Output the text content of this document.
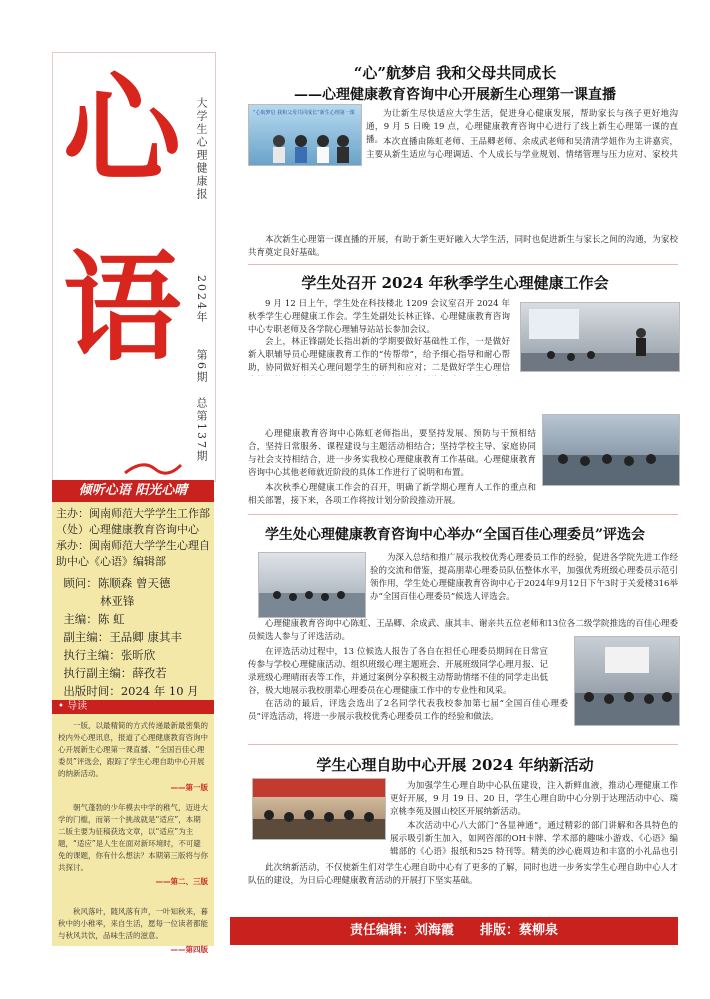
心
语
大学生心理健康报
2024年
第6期
总第137期
倾听心语 阳光心晴

主办：闽南师范大学学生工作部（处）心理健康教育咨询中心

承办：闽南师范大学学生心理自助中心《心语》编辑部

顾问：陈顺森 曾天德

林亚锋

主编：陈 虹

副主编：王品卿 康其丰

执行主编：张昕欣

执行副主编：薛孜若

出版时间：2024 年 10 月

• 导读

一版，以最精简的方式传递最新最密集的校内外心理讯息，报道了心理健康教育咨询中心开展新生心理第一课直播、“全国百佳心理委员”评选会，跟踪了学生心理自助中心开展的纳新活动。

——第一版

朝气蓬勃的少年模去中学的稚气，迈进大学的门槛，而第一个挑战就是“适应”，本期二版主要为征稿获选文章，以“适应”为主题，“适应”是人生在面对新环境时，不可避免的课题，你有什么想法？本期第三版将与你共探讨。

——第二、三版

秋风落叶，随风落有声，一叶知秋来，暮秋中的小稚率，来自生活，愿每一位读者都能与秋风共饮，品味生活的滋意。

——第四版

“心”航梦启 我和父母共同成长
——心理健康教育咨询中心开展新生心理第一课直播
“心航梦启 我和父母共同成长”新生心理第一课	为让新生尽快适应大学生活，促进身心健康发展，帮助家长与孩子更好地沟通，9 月 5 日晚 19 点，心理健康教育咨询中心进行了线上新生心理第一课的直播。 本次直播由陈虹老师、王品卿老师、余成武老师和吴清清学姐作为主讲嘉宾，主要从新生适应与心理调适、个人成长与学业规划、情绪管理与压力应对、家校共

本次新生心理第一课直播的开展，有助于新生更好融入大学生活，同时也促进新生与家长之间的沟通，为家校共育奠定良好基础。

学生处召开 2024 年秋季学生心理健康工作会

9 月 12 日上午，学生处在科技楼北 1209 会议室召开 2024 年秋季学生心理健康工作会。学生处副处长林正锋、心理健康教育咨询中心专职老师及各学院心理辅导站站长参加会议。

会上，林正锋副处长指出新的学期要做好基础性工作，一是做好新入职辅导员心理健康教育工作的“传帮带”，给予细心指导和耐心帮助，协同做好相关心理问题学生的研判和应对；二是做好学生心理信

心理健康教育咨询中心陈虹老师指出，要坚持发展、预防与干预相结合，坚持日常服务、课程建设与主题活动相结合；坚持学校主导、家庭协同与社会支持相结合，进一步务实我校心理健康教育工作基础。心理健康教育咨询中心其他老师就近阶段的具体工作进行了说明和布置。

本次秋季心理健康工作会的召开，明确了新学期心理育人工作的重点和相关部署，接下来，各项工作将按计划分阶段推动开展。

学生处心理健康教育咨询中心举办“全国百佳心理委员”评选会

为深入总结和推广展示我校优秀心理委员工作的经验，促进各学院先进工作经验的交流和借鉴，提高朋辈心理委员队伍整体水平，加强优秀班级心理委员示范引领作用，学生处心理健康教育咨询中心于2024年9月12日下午3时于关爱楼316举办“全国百佳心理委员”候选人评选会。

心理健康教育咨询中心陈虹、王品卿、余成武、康其丰、谢亲共五位老师和13位各二级学院推选的百佳心理委员候选人参与了评选活动。

在评选活动过程中，13 位候选人报告了各自在担任心理委员期间在日常宣传参与学校心理健康活动、组织班级心理主题班会、开展班级同学心理月报、记录班级心理晴雨表等工作，并通过案例分享积极主动帮助情绪不佳的同学走出低谷，极大地展示我校朋辈心理委员在心理健康工作中的专业性和风采。

在活动的最后，评选会选出了2名同学代表我校参加第七届“全国百佳心理委员”评选活动，将进一步展示我校优秀心理委员工作的经验和做法。

学生心理自助中心开展 2024 年纳新活动

为加强学生心理自助中心队伍建设，注入新鲜血液，推动心理健康工作更好开展，9 月 19 日、20 日，学生心理自助中心分别于达理活动中心、瑞京桃李苑及圆山校区开展纳新活动。

本次活动中心八大部门“各显神通”，通过精彩的部门讲解和各具特色的展示吸引新生加入，如网咨部的OH卡牌、学术部的趣味小游戏、《心语》编辑部的《心语》报纸和525 特刊等。精美的沙心鹿周边和丰富的小礼品也引

此次纳新活动，不仅使新生们对学生心理自助中心有了更多的了解，同时也进一步务实学生心理自助中心人才队伍的建设，为日后心理健康教育活动的开展打下坚实基础。

责任编辑：刘海霞 排版：蔡柳泉
